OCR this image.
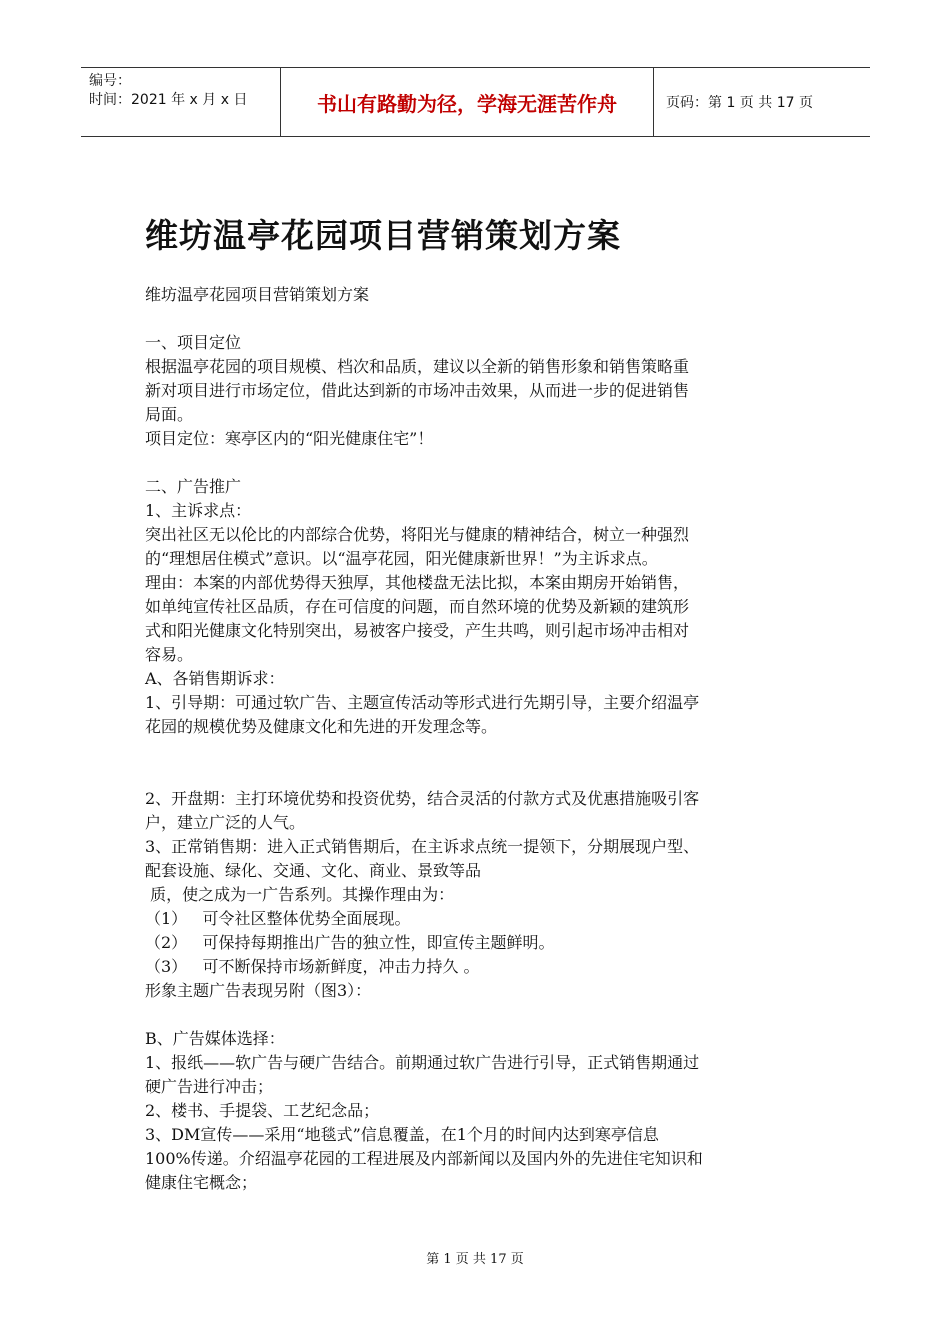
编号：
时间：2021 年 x 月 x 日	书山有路勤为径，学海无涯苦作舟	页码：第 1 页 共 17 页
维坊温亭花园项目营销策划方案
维坊温亭花园项目营销策划方案
一、项目定位
根据温亭花园的项目规模、档次和品质，建议以全新的销售形象和销售策略重
新对项目进行市场定位，借此达到新的市场冲击效果，从而进一步的促进销售
局面。
项目定位：寒亭区内的“阳光健康住宅”！
二、广告推广
1、主诉求点：
突出社区无以伦比的内部综合优势，将阳光与健康的精神结合，树立一种强烈
的“理想居住模式”意识。以“温亭花园，阳光健康新世界！”为主诉求点。
理由：本案的内部优势得天独厚，其他楼盘无法比拟，本案由期房开始销售，
如单纯宣传社区品质，存在可信度的问题，而自然环境的优势及新颖的建筑形
式和阳光健康文化特别突出，易被客户接受，产生共鸣，则引起市场冲击相对
容易。
A、各销售期诉求：
1、引导期：可通过软广告、主题宣传活动等形式进行先期引导，主要介绍温亭
花园的规模优势及健康文化和先进的开发理念等。
2、开盘期：主打环境优势和投资优势，结合灵活的付款方式及优惠措施吸引客
户，建立广泛的人气。
3、正常销售期：进入正式销售期后，在主诉求点统一提领下，分期展现户型、
配套设施、绿化、交通、文化、商业、景致等品
质，使之成为一广告系列。其操作理由为：
（1）   可令社区整体优势全面展现。
（2）   可保持每期推出广告的独立性，即宣传主题鲜明。
（3）   可不断保持市场新鲜度，冲击力持久 。
形象主题广告表现另附（图3）：
B、广告媒体选择：
1、报纸——软广告与硬广告结合。前期通过软广告进行引导，正式销售期通过
硬广告进行冲击；
2、楼书、手提袋、工艺纪念品；
3、DM宣传——采用“地毯式”信息覆盖，在1个月的时间内达到寒亭信息
100%传递。介绍温亭花园的工程进展及内部新闻以及国内外的先进住宅知识和
健康住宅概念；
第 1 页 共 17 页
